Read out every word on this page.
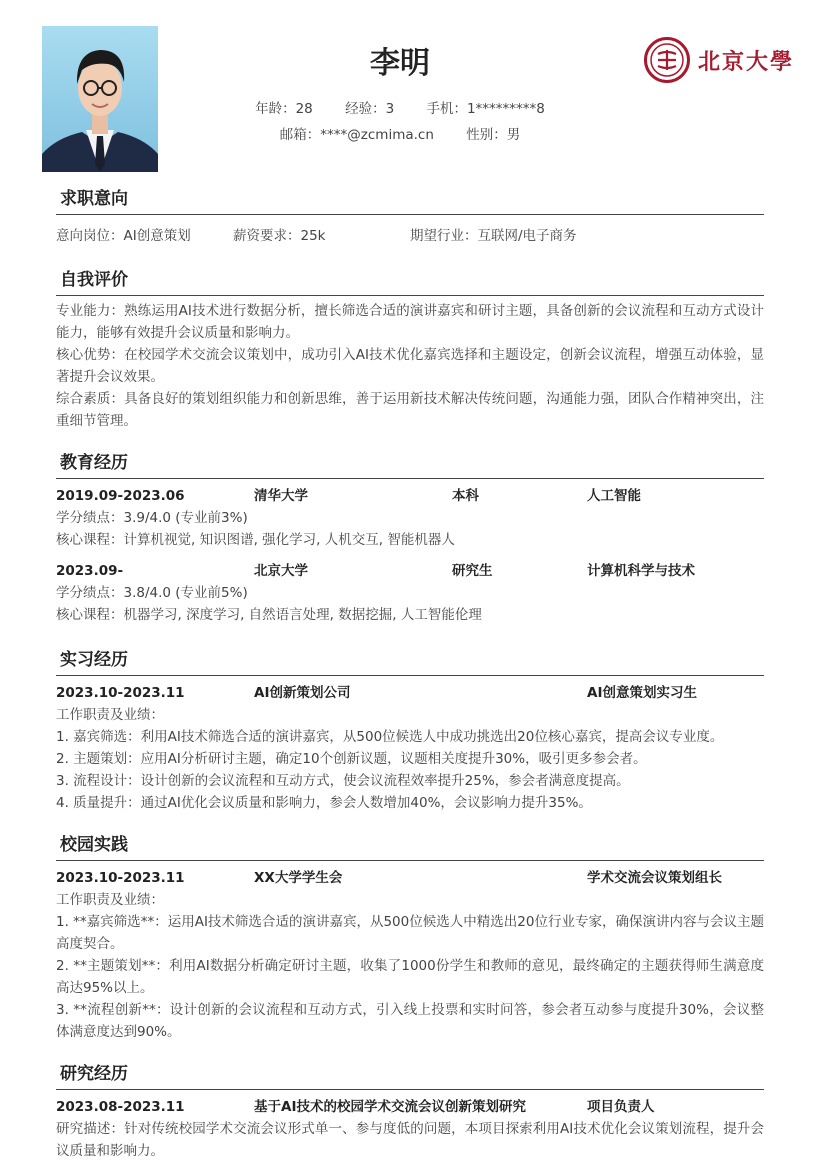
李明
年龄：28 经验：3 手机：1*********8
邮箱：****@zcmima.cn 性别：男
北京大學
求职意向
意向岗位：AI创意策划	薪资要求：25k	期望行业：互联网/电子商务
自我评价
专业能力：熟练运用AI技术进行数据分析，擅长筛选合适的演讲嘉宾和研讨主题，具备创新的会议流程和互动方式设计能力，能够有效提升会议质量和影响力。
核心优势：在校园学术交流会议策划中，成功引入AI技术优化嘉宾选择和主题设定，创新会议流程，增强互动体验，显著提升会议效果。
综合素质：具备良好的策划组织能力和创新思维，善于运用新技术解决传统问题，沟通能力强，团队合作精神突出，注重细节管理。
教育经历
2019.09-2023.06	清华大学	本科	人工智能
学分绩点：3.9/4.0 (专业前3%)
核心课程：计算机视觉, 知识图谱, 强化学习, 人机交互, 智能机器人
2023.09-	北京大学	研究生	计算机科学与技术
学分绩点：3.8/4.0 (专业前5%)
核心课程：机器学习, 深度学习, 自然语言处理, 数据挖掘, 人工智能伦理
实习经历
2023.10-2023.11	AI创新策划公司	AI创意策划实习生
工作职责及业绩：
1. 嘉宾筛选：利用AI技术筛选合适的演讲嘉宾，从500位候选人中成功挑选出20位核心嘉宾，提高会议专业度。
2. 主题策划：应用AI分析研讨主题，确定10个创新议题，议题相关度提升30%，吸引更多参会者。
3. 流程设计：设计创新的会议流程和互动方式，使会议流程效率提升25%，参会者满意度提高。
4. 质量提升：通过AI优化会议质量和影响力，参会人数增加40%，会议影响力提升35%。
校园实践
2023.10-2023.11	XX大学学生会	学术交流会议策划组长
工作职责及业绩：
1. **嘉宾筛选**：运用AI技术筛选合适的演讲嘉宾，从500位候选人中精选出20位行业专家，确保演讲内容与会议主题高度契合。
2. **主题策划**：利用AI数据分析确定研讨主题，收集了1000份学生和教师的意见，最终确定的主题获得师生满意度高达95%以上。
3. **流程创新**：设计创新的会议流程和互动方式，引入线上投票和实时问答，参会者互动参与度提升30%，会议整体满意度达到90%。
研究经历
2023.08-2023.11	基于AI技术的校园学术交流会议创新策划研究	项目负责人
研究描述：针对传统校园学术交流会议形式单一、参与度低的问题，本项目探索利用AI技术优化会议策划流程，提升会议质量和影响力。
